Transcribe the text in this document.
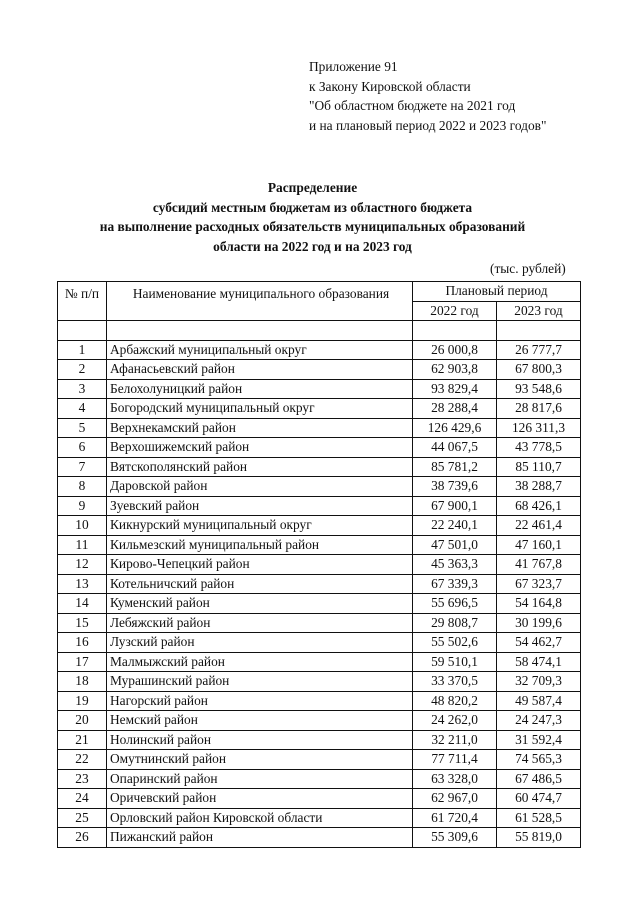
Приложение 91
к Закону Кировской области
"Об областном бюджете на 2021 год
и на плановый период 2022 и 2023 годов"
Распределение
субсидий местным бюджетам из областного бюджета
на выполнение расходных обязательств муниципальных образований
области на 2022 год и на 2023 год
(тыс. рублей)
№ п/п	Наименование муниципального образования	Плановый период	
		2022 год	2023 год

1	Арбажский муниципальный округ	26 000,8	26 777,7
2	Афанасьевский район	62 903,8	67 800,3
3	Белохолуницкий район	93 829,4	93 548,6
4	Богородский муниципальный округ	28 288,4	28 817,6
5	Верхнекамский район	126 429,6	126 311,3
6	Верхошижемский район	44 067,5	43 778,5
7	Вятскополянский район	85 781,2	85 110,7
8	Даровской район	38 739,6	38 288,7
9	Зуевский район	67 900,1	68 426,1
10	Кикнурский муниципальный округ	22 240,1	22 461,4
11	Кильмезский муниципальный район	47 501,0	47 160,1
12	Кирово-Чепецкий район	45 363,3	41 767,8
13	Котельничский район	67 339,3	67 323,7
14	Куменский район	55 696,5	54 164,8
15	Лебяжский район	29 808,7	30 199,6
16	Лузский район	55 502,6	54 462,7
17	Малмыжский район	59 510,1	58 474,1
18	Мурашинский район	33 370,5	32 709,3
19	Нагорский район	48 820,2	49 587,4
20	Немский район	24 262,0	24 247,3
21	Нолинский район	32 211,0	31 592,4
22	Омутнинский район	77 711,4	74 565,3
23	Опаринский район	63 328,0	67 486,5
24	Оричевский район	62 967,0	60 474,7
25	Орловский район Кировской области	61 720,4	61 528,5
26	Пижанский район	55 309,6	55 819,0
